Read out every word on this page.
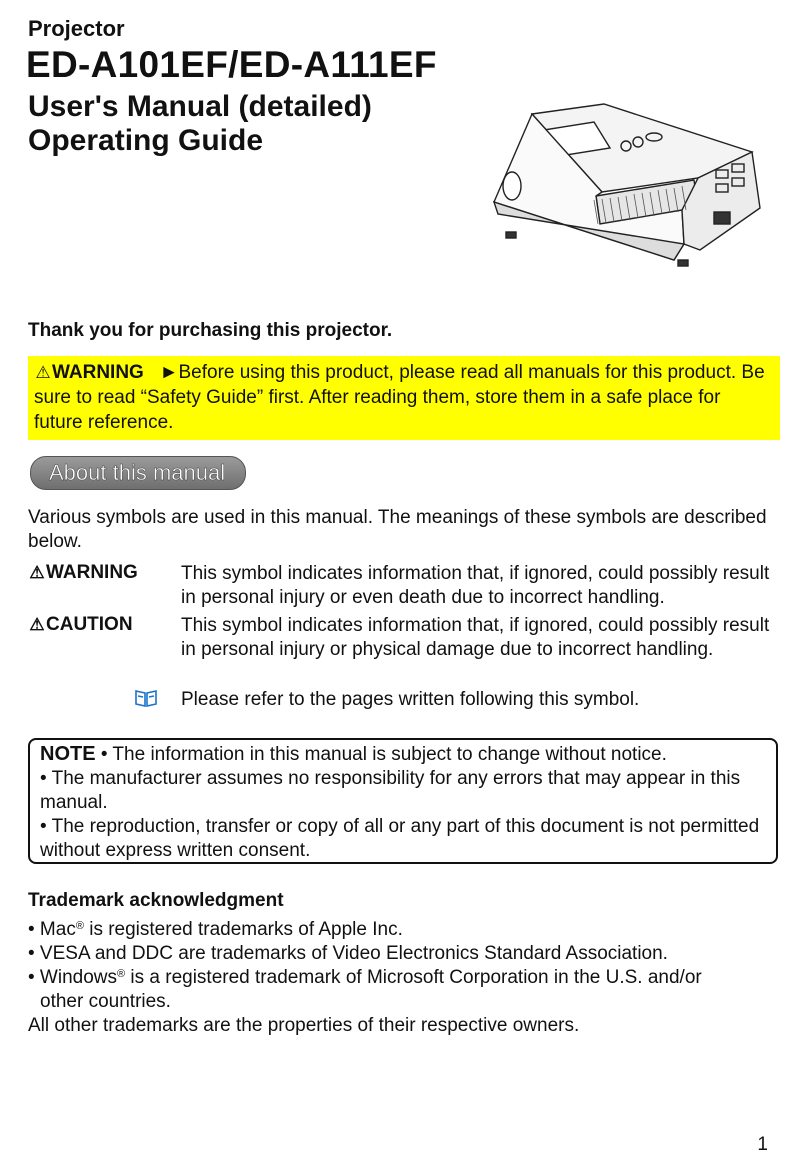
Projector
ED-A101EF/ED-A111EF
User's Manual (detailed)
Operating Guide
Thank you for purchasing this projector.
⚠WARNING ►Before using this product, please read all manuals for this product. Be sure to read “Safety Guide” first. After reading them, store them in a safe place for future reference.
About this manual
Various symbols are used in this manual. The meanings of these symbols are described below.
⚠WARNING This symbol indicates information that, if ignored, could possibly result in personal injury or even death due to incorrect handling.
⚠CAUTION	This symbol indicates information that, if ignored, could possibly result in personal injury or physical damage due to incorrect handling.
Please refer to the pages written following this symbol.
NOTE • The information in this manual is subject to change without notice.
• The manufacturer assumes no responsibility for any errors that may appear in this manual.
• The reproduction, transfer or copy of all or any part of this document is not permitted without express written consent.
Trademark acknowledgment
• Mac® is registered trademarks of Apple Inc.
• VESA and DDC are trademarks of Video Electronics Standard Association.
• Windows® is a registered trademark of Microsoft Corporation in the U.S. and/or
other countries.
All other trademarks are the properties of their respective owners.
1
